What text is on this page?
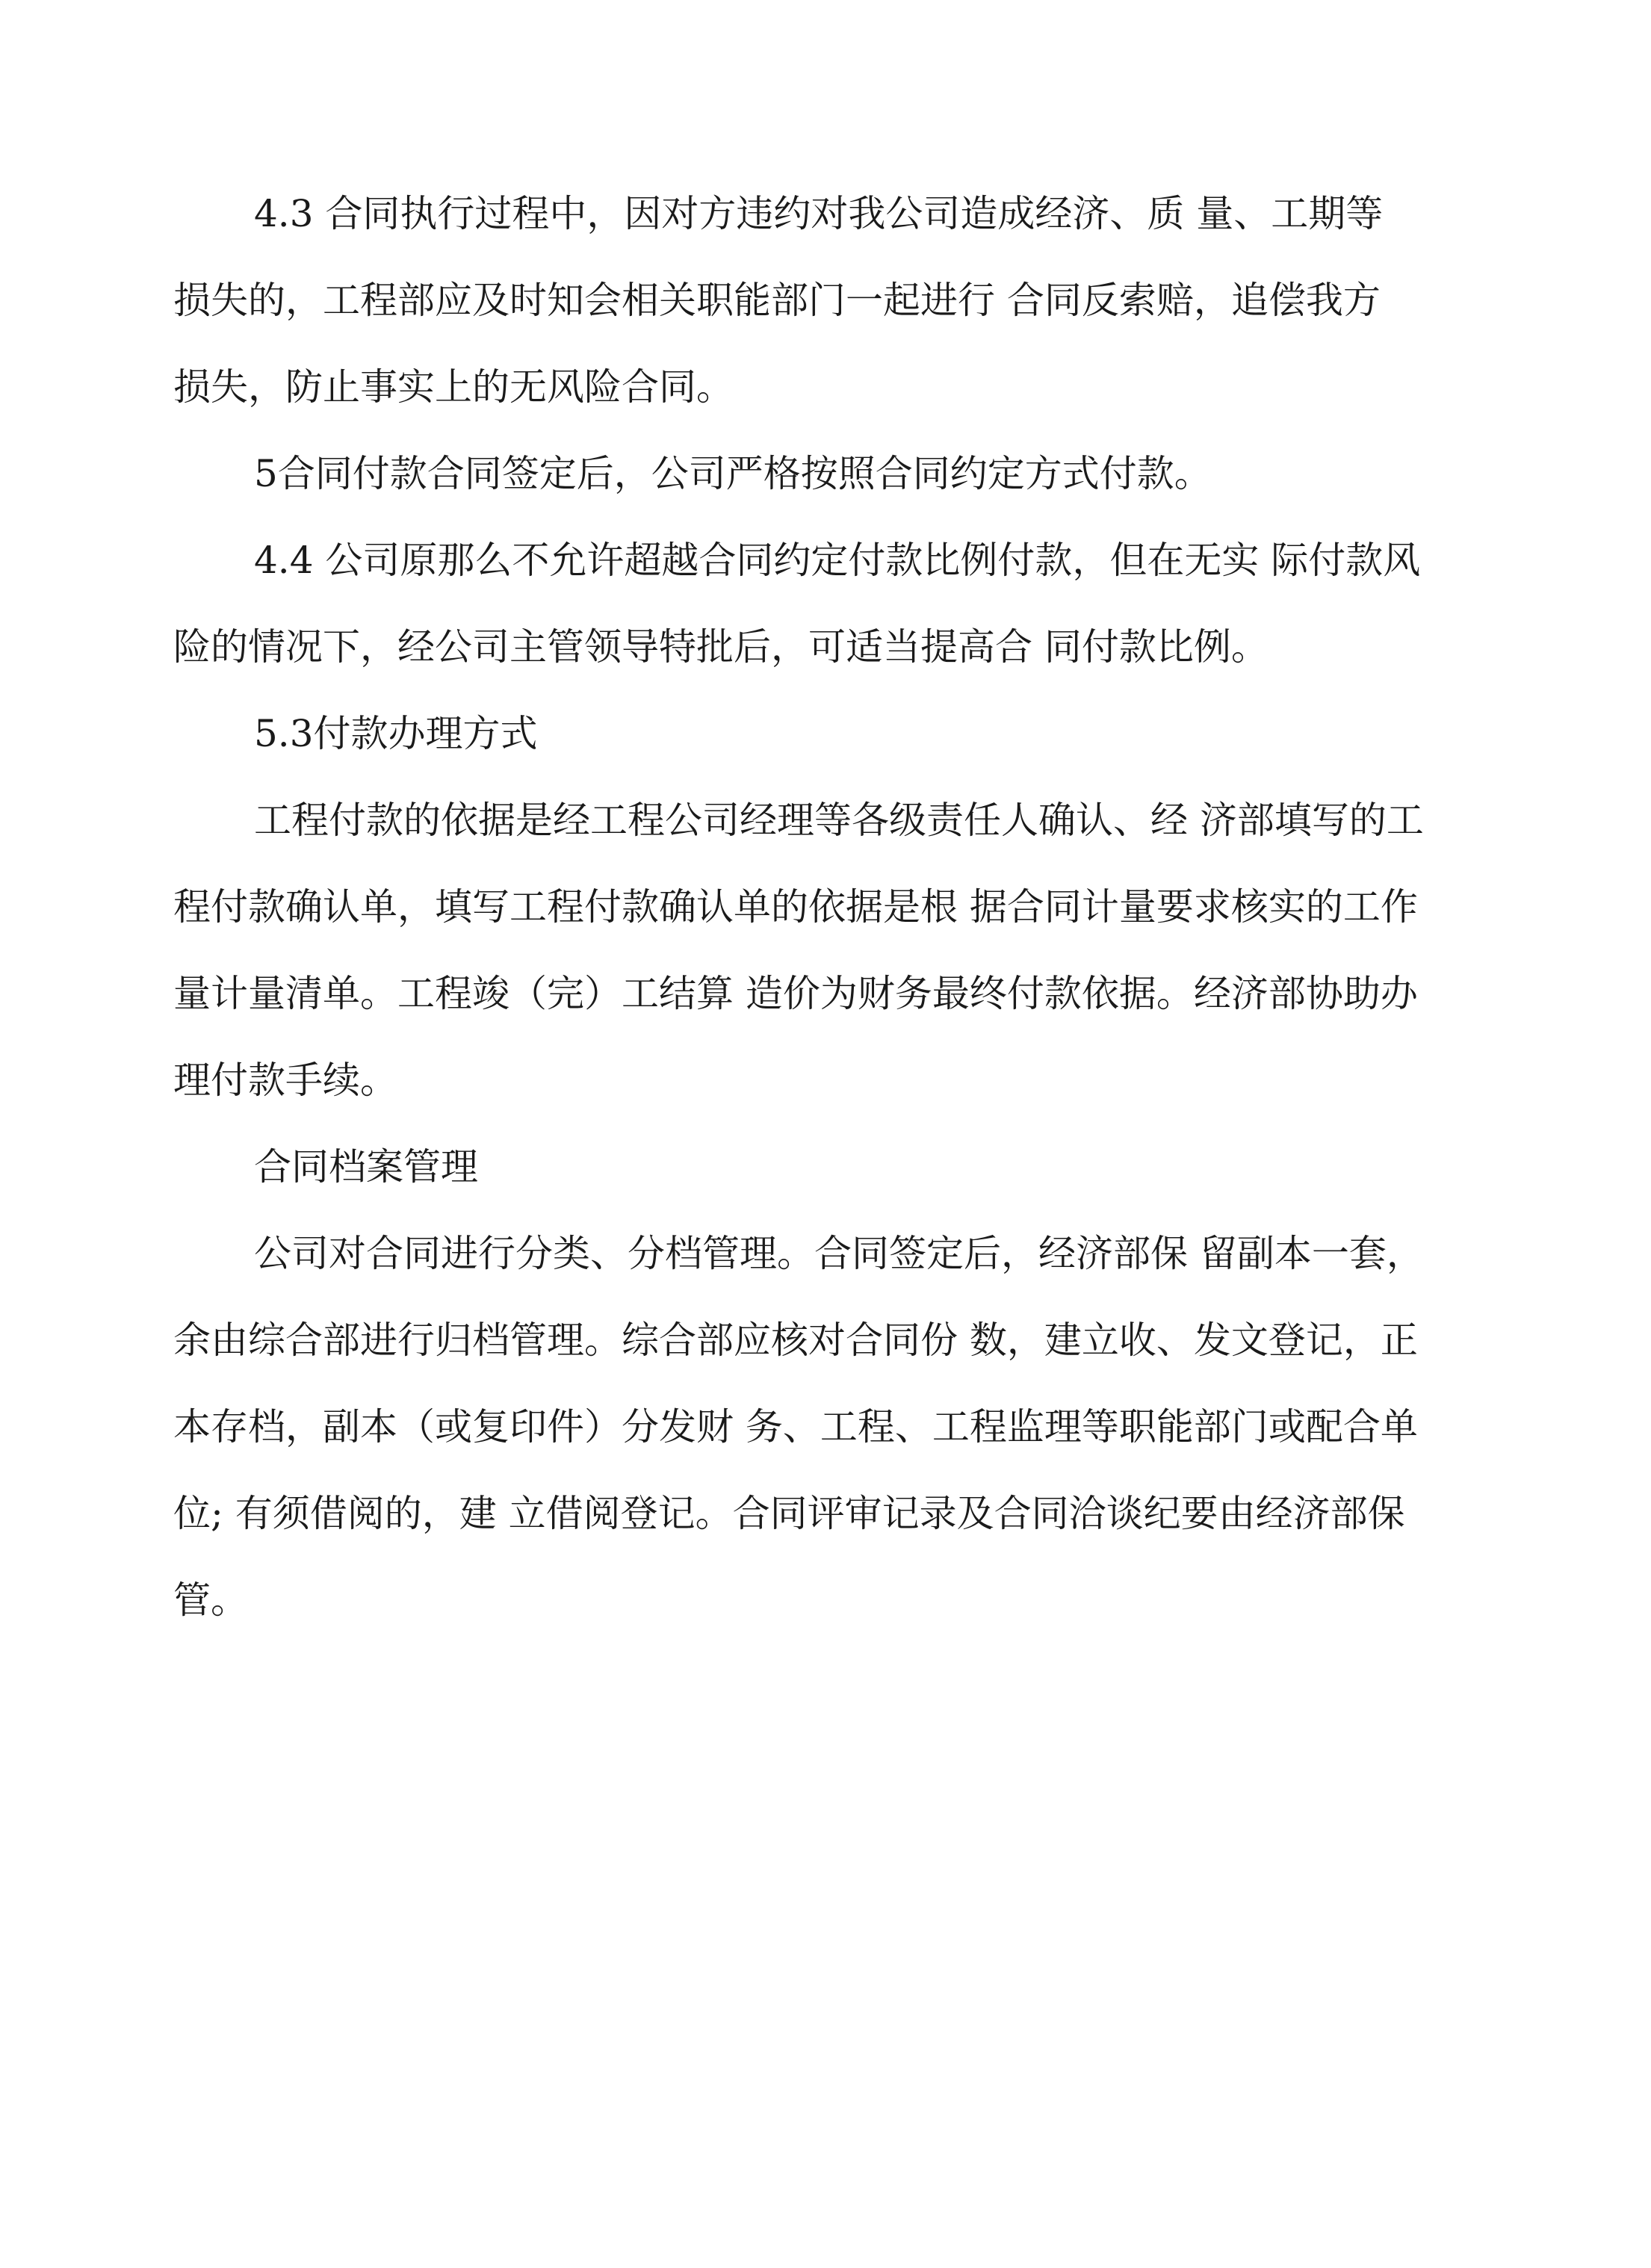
4.3 合同执行过程中，因对方违约对我公司造成经济、质 量、工期等
损失的，工程部应及时知会相关职能部门一起进行 合同反索赔，追偿我方
损失，防止事实上的无风险合同。

5合同付款合同签定后，公司严格按照合同约定方式付款。

4.4 公司原那么不允许超越合同约定付款比例付款，但在无实 际付款风
险的情况下，经公司主管领导特批后，可适当提高合 同付款比例。

5.3付款办理方式

工程付款的依据是经工程公司经理等各级责任人确认、经 济部填写的工
程付款确认单，填写工程付款确认单的依据是根 据合同计量要求核实的工作
量计量清单。工程竣（完）工结算 造价为财务最终付款依据。经济部协助办
理付款手续。

合同档案管理

公司对合同进行分类、分档管理。合同签定后，经济部保 留副本一套，
余由综合部进行归档管理。综合部应核对合同份 数，建立收、发文登记，正
本存档，副本（或复印件）分发财 务、工程、工程监理等职能部门或配合单
位; 有须借阅的，建 立借阅登记。合同评审记录及合同洽谈纪要由经济部保
管。
